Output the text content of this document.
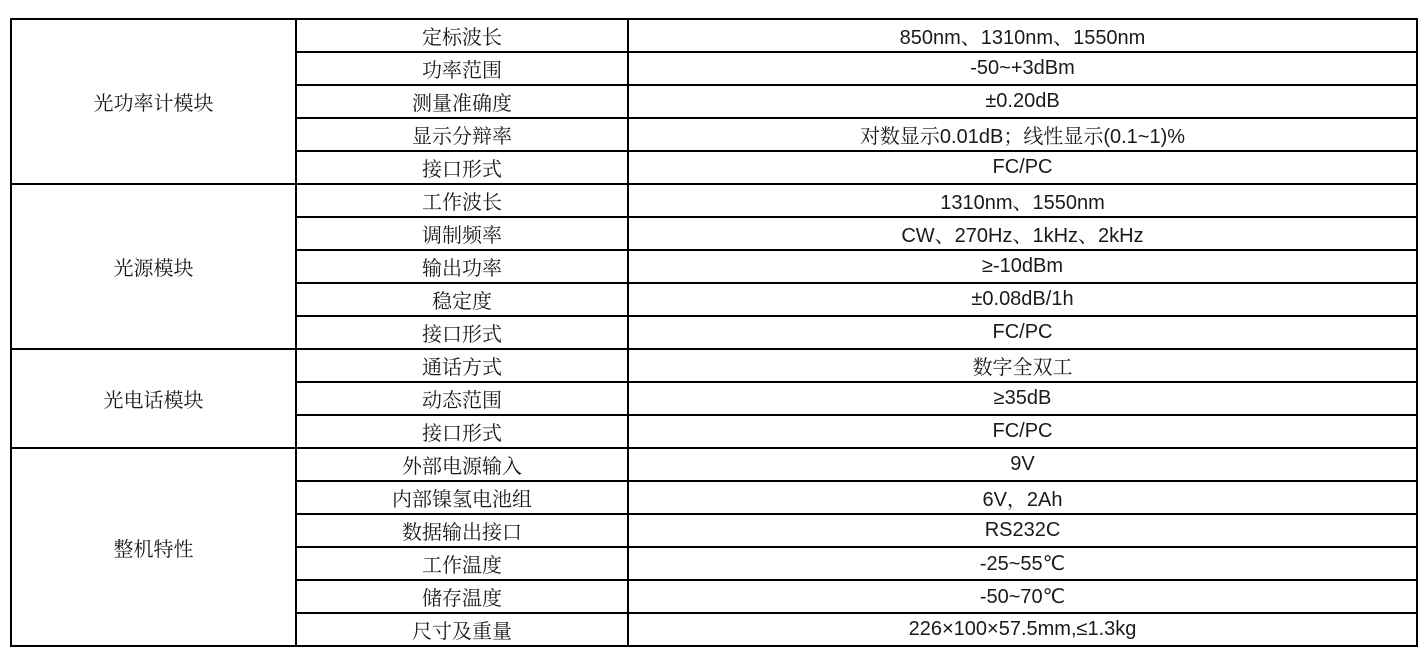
光功率计模块	定标波长	850nm、1310nm、1550nm
	功率范围	-50~+3dBm
	测量准确度	±0.20dB
	显示分辩率	对数显示0.01dB；线性显示(0.1~1)%
	接口形式	FC/PC
光源模块	工作波长	1310nm、1550nm
	调制频率	CW、270Hz、1kHz、2kHz
	输出功率	≥-10dBm
	稳定度	±0.08dB/1h
	接口形式	FC/PC
光电话模块	通话方式	数字全双工
	动态范围	≥35dB
	接口形式	FC/PC
整机特性	外部电源输入	9V
	内部镍氢电池组	6V，2Ah
	数据输出接口	RS232C
	工作温度	-25~55℃
	储存温度	-50~70℃
	尺寸及重量	226×100×57.5mm,≤1.3kg
